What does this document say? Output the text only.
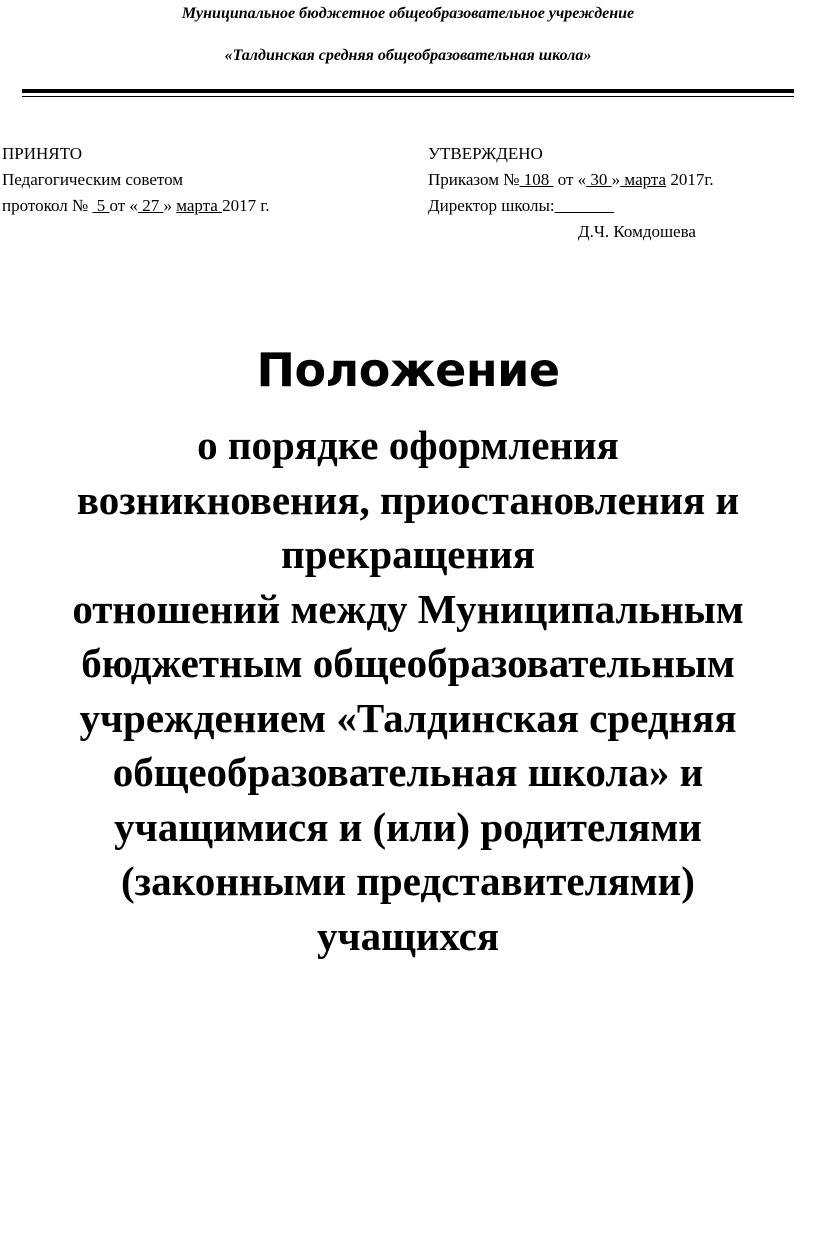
Муниципальное бюджетное общеобразовательное учреждение
«Талдинская средняя общеобразовательная школа»
ПРИНЯТО
Педагогическим советом
протокол №  5 от « 27 » марта 2017 г.
УТВЕРЖДЕНО
Приказом № 108  от « 30 » марта 2017г.
Директор школы:
Д.Ч. Комдошева
Положение
о порядке оформления
возникновения, приостановления и
прекращения
отношений между Муниципальным
бюджетным общеобразовательным
учреждением «Талдинская средняя
общеобразовательная школа» и
учащимися и (или) родителями
(законными представителями)
учащихся
